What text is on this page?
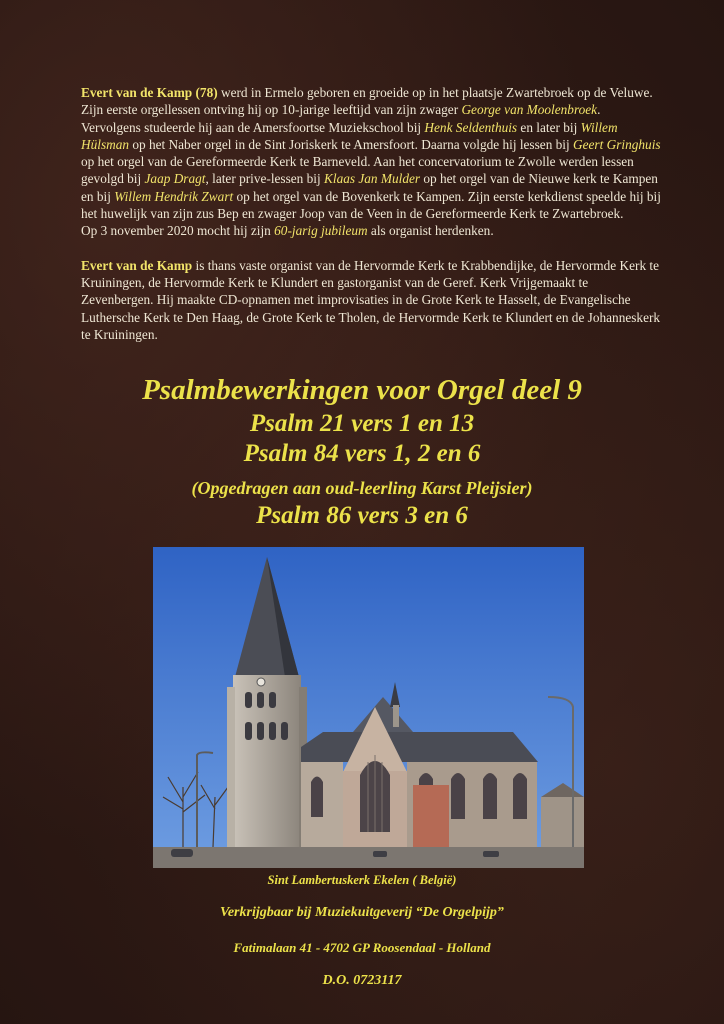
Evert van de Kamp (78) werd in Ermelo geboren en groeide op in het plaatsje Zwartebroek op de Veluwe. Zijn eerste orgellessen ontving hij op 10-jarige leeftijd van zijn zwager George van Moolenbroek. Vervolgens studeerde hij aan de Amersfoortse Muziekschool bij Henk Seldenthuis en later bij Willem Hülsman op het Naber orgel in de Sint Joriskerk te Amersfoort. Daarna volgde hij lessen bij Geert Gringhuis op het orgel van de Gereformeerde Kerk te Barneveld. Aan het concervatorium te Zwolle werden lessen gevolgd bij Jaap Dragt, later prive-lessen bij Klaas Jan Mulder op het orgel van de Nieuwe kerk te Kampen en bij Willem Hendrik Zwart op het orgel van de Bovenkerk te Kampen. Zijn eerste kerkdienst speelde hij bij het huwelijk van zijn zus Bep en zwager Joop van de Veen in de Gereformeerde Kerk te Zwartebroek.
Op 3 november 2020 mocht hij zijn 60-jarig jubileum als organist herdenken.

Evert van de Kamp is thans vaste organist van de Hervormde Kerk te Krabbendijke, de Hervormde Kerk te Kruiningen, de Hervormde Kerk te Klundert en gastorganist van de Geref. Kerk Vrijgemaakt te Zevenbergen. Hij maakte CD-opnamen met improvisaties in de Grote Kerk te Hasselt, de Evangelische Luthersche Kerk te Den Haag, de Grote Kerk te Tholen, de Hervormde Kerk te Klundert en de Johanneskerk te Kruiningen.

Psalmbewerkingen voor Orgel deel 9
Psalm 21 vers 1 en 13
Psalm 84 vers 1, 2 en 6
(Opgedragen aan oud-leerling Karst Pleijsier)
Psalm 86 vers 3 en 6
Sint Lambertuskerk Ekelen ( België)
Verkrijgbaar bij Muziekuitgeverij “De Orgelpijp”
Fatimalaan 41 - 4702 GP Roosendaal - Holland
D.O. 0723117
